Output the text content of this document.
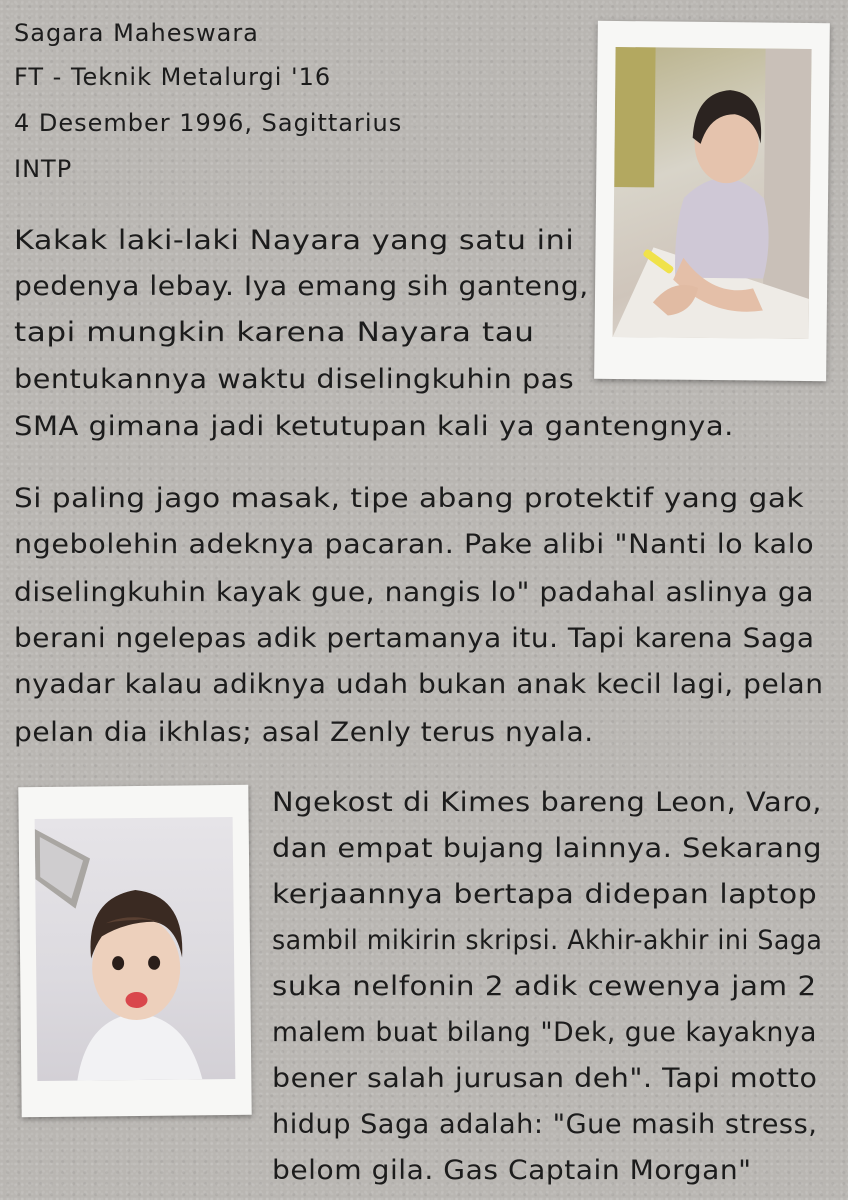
Sagara Maheswara

FT - Teknik Metalurgi '16

4 Desember 1996, Sagittarius

INTP

Kakak laki-laki Nayara yang satu ini

pedenya lebay. Iya emang sih ganteng,

tapi mungkin karena Nayara tau

bentukannya waktu diselingkuhin pas

SMA gimana jadi ketutupan kali ya gantengnya.

Si paling jago masak, tipe abang protektif yang gak

ngebolehin adeknya pacaran. Pake alibi "Nanti lo kalo

diselingkuhin kayak gue, nangis lo" padahal aslinya ga

berani ngelepas adik pertamanya itu. Tapi karena Saga

nyadar kalau adiknya udah bukan anak kecil lagi, pelan

pelan dia ikhlas; asal Zenly terus nyala.

Ngekost di Kimes bareng Leon, Varo,

dan empat bujang lainnya. Sekarang

kerjaannya bertapa didepan laptop

sambil mikirin skripsi. Akhir-akhir ini Saga

suka nelfonin 2 adik cewenya jam 2

malem buat bilang "Dek, gue kayaknya

bener salah jurusan deh". Tapi motto

hidup Saga adalah: "Gue masih stress,

belom gila. Gas Captain Morgan"
